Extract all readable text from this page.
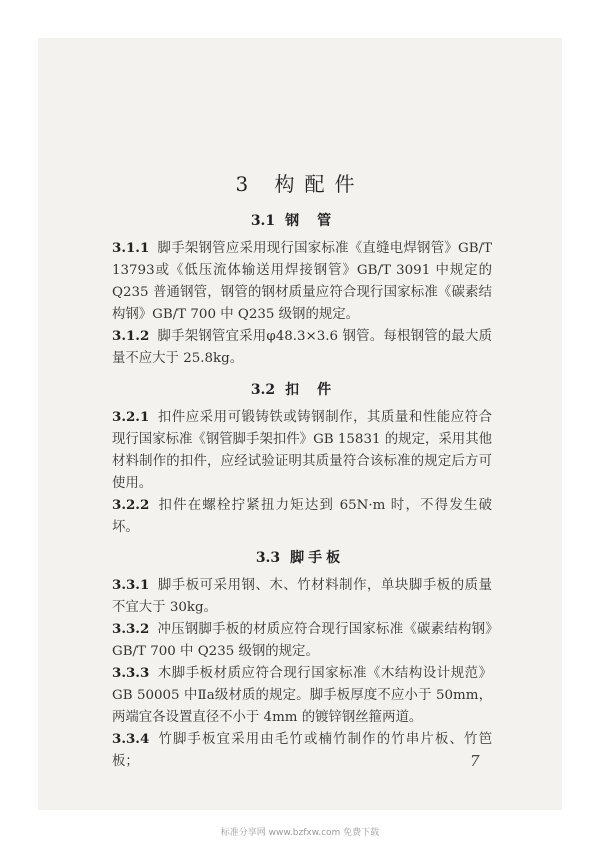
3 构配件
3.1 钢管
3.1.1 脚手架钢管应采用现行国家标准《直缝电焊钢管》GB/T 13793或《低压流体输送用焊接钢管》GB/T 3091 中规定的 Q235 普通钢管，钢管的钢材质量应符合现行国家标准《碳素结构钢》GB/T 700 中 Q235 级钢的规定。
3.1.2 脚手架钢管宜采用φ48.3×3.6 钢管。每根钢管的最大质量不应大于 25.8kg。
3.2 扣件
3.2.1 扣件应采用可锻铸铁或铸钢制作，其质量和性能应符合现行国家标准《钢管脚手架扣件》GB 15831 的规定，采用其他材料制作的扣件，应经试验证明其质量符合该标准的规定后方可使用。
3.2.2 扣件在螺栓拧紧扭力矩达到 65N·m 时，不得发生破坏。
3.3 脚手板
3.3.1 脚手板可采用钢、木、竹材料制作，单块脚手板的质量不宜大于 30kg。
3.3.2 冲压钢脚手板的材质应符合现行国家标准《碳素结构钢》GB/T 700 中 Q235 级钢的规定。
3.3.3 木脚手板材质应符合现行国家标准《木结构设计规范》GB 50005 中Ⅱa级材质的规定。脚手板厚度不应小于 50mm，两端宜各设置直径不小于 4mm 的镀锌钢丝箍两道。
3.3.4 竹脚手板宜采用由毛竹或楠竹制作的竹串片板、竹笆板；	7
标准分享网 www.bzfxw.com 免费下载
